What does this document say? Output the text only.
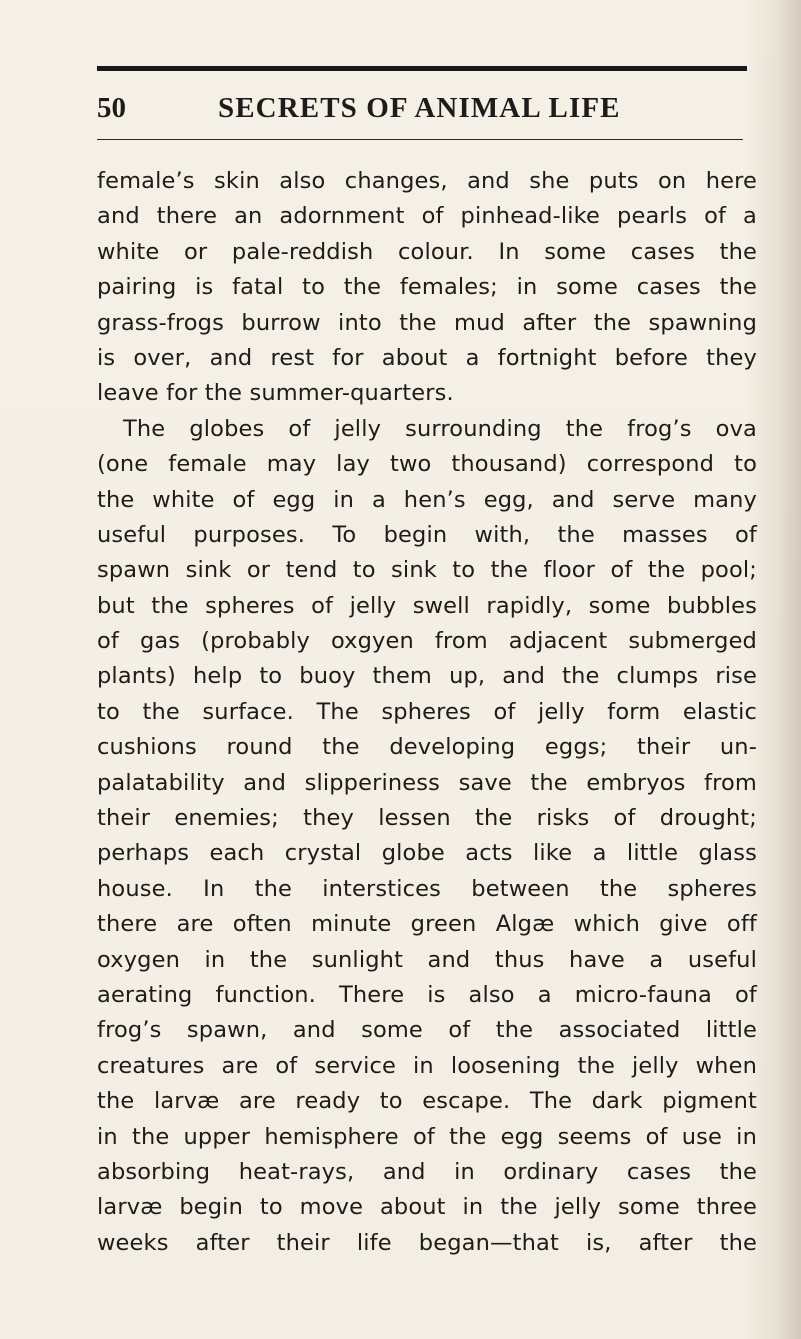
50	SECRETS OF ANIMAL LIFE
female’s skin also changes, and she puts on here
and there an adornment of pinhead-like pearls of a
white or pale-reddish colour. In some cases the
pairing is fatal to the females; in some cases the
grass-frogs burrow into the mud after the spawning
is over, and rest for about a fortnight before they
leave for the summer-quarters.
The globes of jelly surrounding the frog’s ova
(one female may lay two thousand) correspond to
the white of egg in a hen’s egg, and serve many
useful purposes. To begin with, the masses of
spawn sink or tend to sink to the floor of the pool;
but the spheres of jelly swell rapidly, some bubbles
of gas (probably oxgyen from adjacent submerged
plants) help to buoy them up, and the clumps rise
to the surface. The spheres of jelly form elastic
cushions round the developing eggs; their un-
palatability and slipperiness save the embryos from
their enemies; they lessen the risks of drought;
perhaps each crystal globe acts like a little glass
house. In the interstices between the spheres
there are often minute green Algæ which give off
oxygen in the sunlight and thus have a useful
aerating function. There is also a micro-fauna of
frog’s spawn, and some of the associated little
creatures are of service in loosening the jelly when
the larvæ are ready to escape. The dark pigment
in the upper hemisphere of the egg seems of use in
absorbing heat-rays, and in ordinary cases the
larvæ begin to move about in the jelly some three
weeks after their life began—that is, after the
